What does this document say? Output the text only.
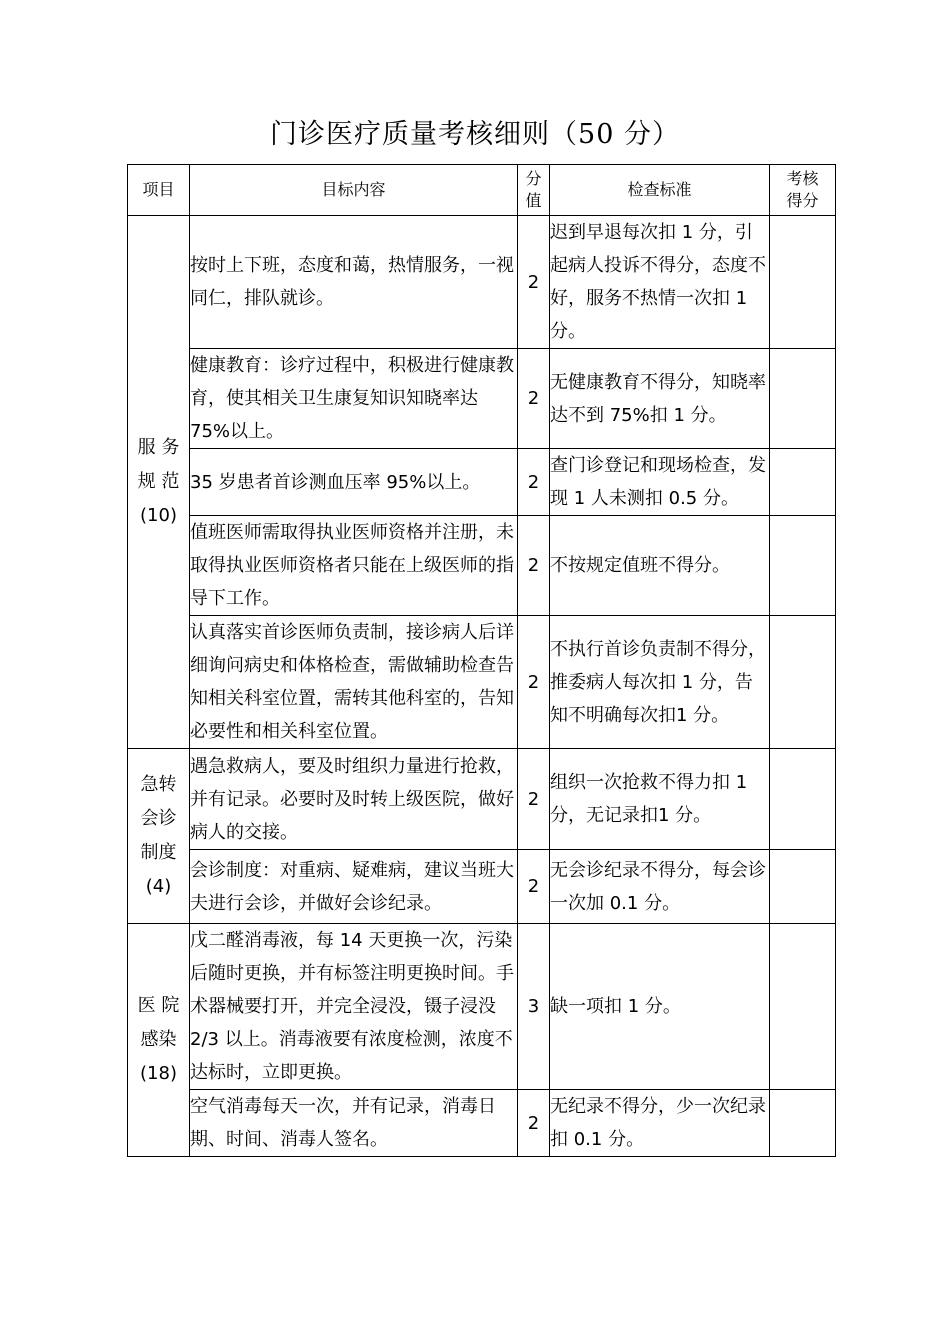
门诊医疗质量考核细则（50 分）
项目	目标内容	分值	检查标准	考核得分

服 务 规 范 (10)	按时上下班，态度和蔼，热情服务，一视同仁，排队就诊。	2	迟到早退每次扣 1 分，引起病人投诉不得分，态度不好，服务不热情一次扣 1 分。	
	健康教育：诊疗过程中，积极进行健康教育，使其相关卫生康复知识知晓率达 75%以上。	2	无健康教育不得分，知晓率达不到 75%扣 1 分。	
	35 岁患者首诊测血压率 95%以上。	2	查门诊登记和现场检查，发现 1 人未测扣 0.5 分。	
	值班医师需取得执业医师资格并注册，未取得执业医师资格者只能在上级医师的指导下工作。	2	不按规定值班不得分。	
	认真落实首诊医师负责制，接诊病人后详细询问病史和体格检查，需做辅助检查告知相关科室位置，需转其他科室的，告知必要性和相关科室位置。	2	不执行首诊负责制不得分，推委病人每次扣 1 分，告知不明确每次扣1 分。	

急转 会诊 制度 (4)	遇急救病人，要及时组织力量进行抢救，并有记录。必要时及时转上级医院，做好病人的交接。	2	组织一次抢救不得力扣 1 分，无记录扣1 分。	
	会诊制度：对重病、疑难病，建议当班大夫进行会诊，并做好会诊纪录。	2	无会诊纪录不得分，每会诊一次加 0.1 分。	

医 院 感染 (18)	戊二醛消毒液，每 14 天更换一次，污染后随时更换，并有标签注明更换时间。手术器械要打开，并完全浸没，镊子浸没 2/3 以上。消毒液要有浓度检测，浓度不达标时，立即更换。	3	缺一项扣 1 分。	
	空气消毒每天一次，并有记录，消毒日期、时间、消毒人签名。	2	无纪录不得分，少一次纪录扣 0.1 分。	
